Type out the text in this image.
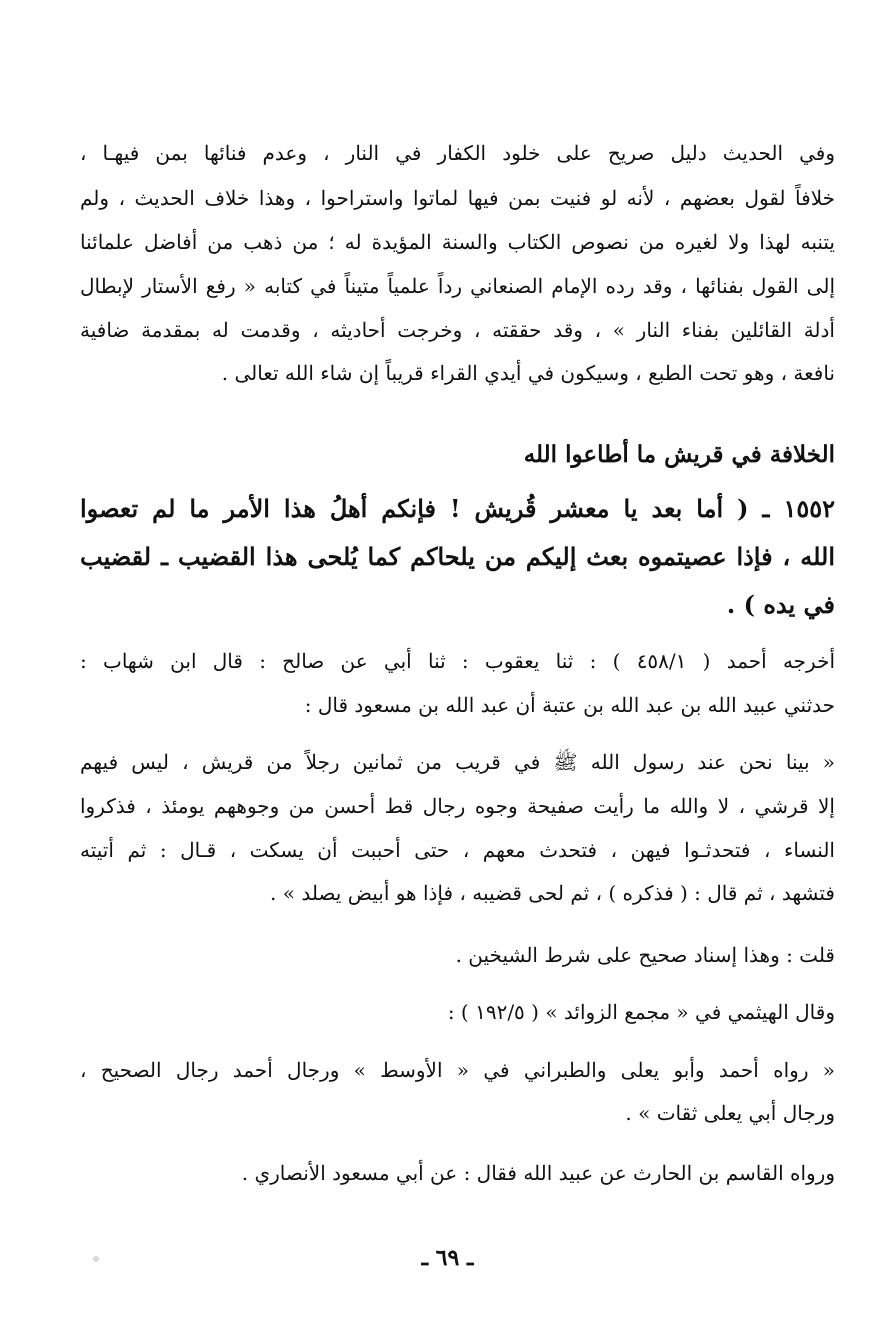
وفي الحديث دليل صريح على خلود الكفار في النار ، وعدم فنائها بمن فيهـا ،
خلافاً لقول بعضهم ، لأنه لو فنيت بمن فيها لماتوا واستراحوا ، وهذا خلاف الحديث ، ولم
يتنبه لهذا ولا لغيره من نصوص الكتاب والسنة المؤيدة له ؛ من ذهب من أفاضل علمائنا
إلى القول بفنائها ، وقد رده الإمام الصنعاني رداً علمياً متيناً في كتابه « رفع الأستار لإبطال
أدلة القائلين بفناء النار » ، وقد حققته ، وخرجت أحاديثه ، وقدمت له بمقدمة ضافية
نافعة ، وهو تحت الطبع ، وسيكون في أيدي القراء قريباً إن شاء الله تعالى .
الخلافة في قريش ما أطاعوا الله
١٥٥٢ ـ ( أما بعد يا معشر قُريش ! فإنكم أهلُ هذا الأمر ما لم تعصوا
الله ، فإذا عصيتموه بعث إليكم من يلحاكم كما يُلحى هذا القضيب ـ لقضيب
في يده ) .
أخرجه أحمد ( ٤٥٨/١ ) : ثنا يعقوب : ثنا أبي عن صالح : قال ابن شهاب :
حدثني عبيد الله بن عبد الله بن عتبة أن عبد الله بن مسعود قال :
« بينا نحن عند رسول الله ﷺ في قريب من ثمانين رجلاً من قريش ، ليس فيهم
إلا قرشي ، لا والله ما رأيت صفيحة وجوه رجال قط أحسن من وجوههم يومئذ ، فذكروا
النساء ، فتحدثـوا فيهن ، فتحدث معهم ، حتى أحببت أن يسكت ، قـال : ثم أتيته
فتشهد ، ثم قال : ( فذكره ) ، ثم لحى قضيبه ، فإذا هو أبيض يصلد » .
قلت : وهذا إسناد صحيح على شرط الشيخين .
وقال الهيثمي في « مجمع الزوائد » ( ١٩٢/٥ ) :
« رواه أحمد وأبو يعلى والطبراني في « الأوسط » ورجال أحمد رجال الصحيح ،
ورجال أبي يعلى ثقات » .
ورواه القاسم بن الحارث عن عبيد الله فقال : عن أبي مسعود الأنصاري .
ـ ٦٩ ـ
